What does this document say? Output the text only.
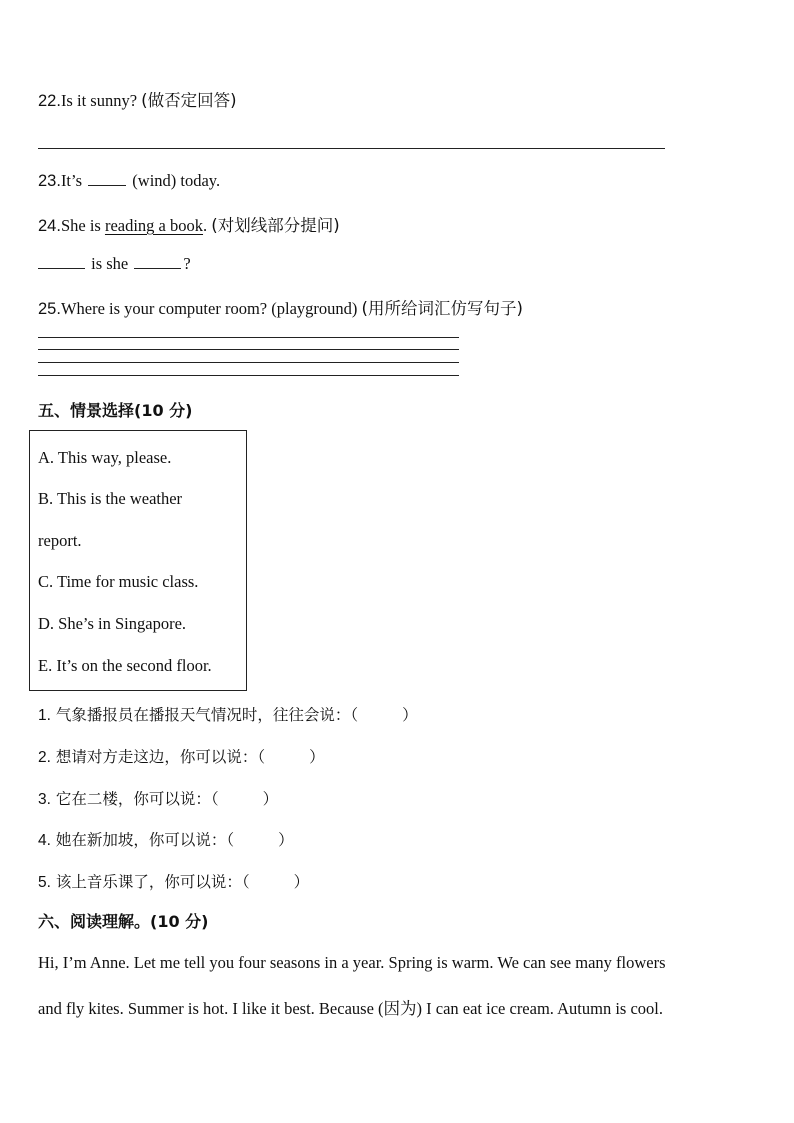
22.Is it sunny? (做否定回答)
23.It’s	(wind) today.
24.She is reading a book. (对划线部分提问)
is she	?
25.Where is your computer room? (playground) (用所给词汇仿写句子)
五、情景选择(10 分)
A. This way, please.
B. This is the weather
report.
C. Time for music class.
D. She’s in Singapore.
E. It’s on the second floor.
1. 气象播报员在播报天气情况时，往往会说：（	）
2. 想请对方走这边，你可以说：（	）
3. 它在二楼，你可以说：（	）
4. 她在新加坡，你可以说：（	）
5. 该上音乐课了，你可以说：（	）
六、阅读理解。(10 分)
Hi, I’m Anne. Let me tell you four seasons in a year. Spring is warm. We can see many flowers
and fly kites. Summer is hot. I like it best. Because (因为) I can eat ice cream. Autumn is cool.
